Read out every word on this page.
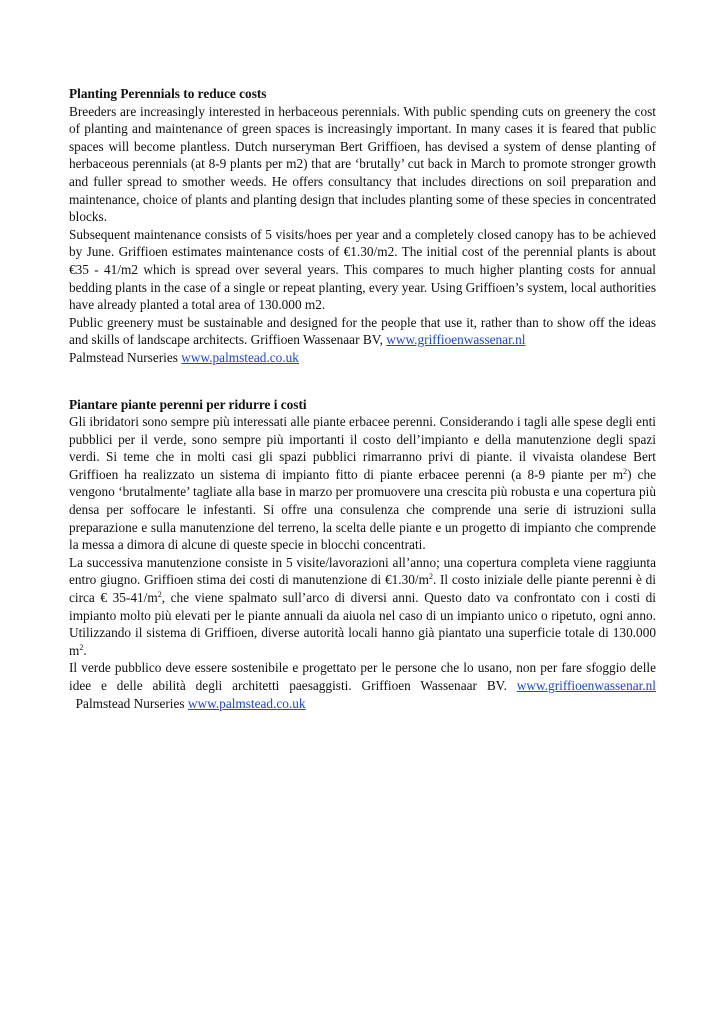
Planting Perennials to reduce costs

Breeders are increasingly interested in herbaceous perennials. With public spending cuts on greenery the cost of planting and maintenance of green spaces is increasingly important. In many cases it is feared that public spaces will become plantless. Dutch nurseryman Bert Griffioen, has devised a system of dense planting of herbaceous perennials (at 8-9 plants per m2) that are ‘brutally’ cut back in March to promote stronger growth and fuller spread to smother weeds. He offers consultancy that includes directions on soil preparation and maintenance, choice of plants and planting design that includes planting some of these species in concentrated blocks.

Subsequent maintenance consists of 5 visits/hoes per year and a completely closed canopy has to be achieved by June. Griffioen estimates maintenance costs of €1.30/m2. The initial cost of the perennial plants is about €35 - 41/m2 which is spread over several years. This compares to much higher planting costs for annual bedding plants in the case of a single or repeat planting, every year. Using Griffioen’s system, local authorities have already planted a total area of 130.000 m2.

Public greenery must be sustainable and designed for the people that use it, rather than to show off the ideas and skills of landscape architects. Griffioen Wassenaar BV, www.griffioenwassenar.nl
Palmstead Nurseries www.palmstead.co.uk

Piantare piante perenni per ridurre i costi

Gli ibridatori sono sempre più interessati alle piante erbacee perenni. Considerando i tagli alle spese degli enti pubblici per il verde, sono sempre più importanti il costo dell’impianto e della manutenzione degli spazi verdi. Si teme che in molti casi gli spazi pubblici rimarranno privi di piante. il vivaista olandese Bert Griffioen ha realizzato un sistema di impianto fitto di piante erbacee perenni (a 8-9 piante per $m^2$) che vengono ‘brutalmente’ tagliate alla base in marzo per promuovere una crescita più robusta e una copertura più densa per soffocare le infestanti. Si offre una consulenza che comprende una serie di istruzioni sulla preparazione e sulla manutenzione del terreno, la scelta delle piante e un progetto di impianto che comprende la messa a dimora di alcune di queste specie in blocchi concentrati.

La successiva manutenzione consiste in 5 visite/lavorazioni all’anno; una copertura completa viene raggiunta entro giugno. Griffioen stima dei costi di manutenzione di $€1.30/m^2$. Il costo iniziale delle piante perenni è di circa € $35-41/m^2$, che viene spalmato sull’arco di diversi anni. Questo dato va confrontato con i costi di impianto molto più elevati per le piante annuali da aiuola nel caso di un impianto unico o ripetuto, ogni anno. Utilizzando il sistema di Griffioen, diverse autorità locali hanno già piantato una superficie totale di 130.000 $m^2$.

Il verde pubblico deve essere sostenibile e progettato per le persone che lo usano, non per fare sfoggio delle idee e delle abilità degli architetti paesaggisti. Griffioen Wassenaar BV. www.griffioenwassenar.nl  Palmstead Nurseries www.palmstead.co.uk
